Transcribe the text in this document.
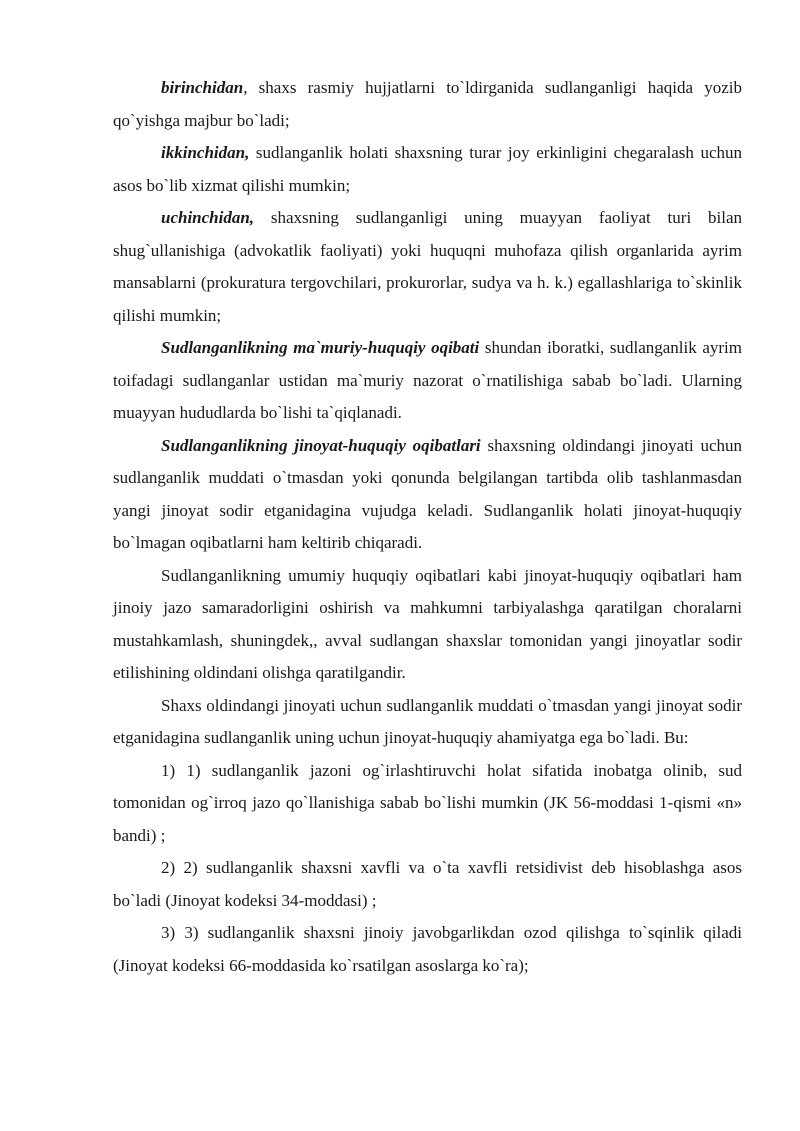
birinchidan, shaxs rasmiy hujjatlarni to`ldirganida sudlanganligi haqida yozib qo`yishga majbur bo`ladi;

ikkinchidan, sudlanganlik holati shaxsning turar joy erkinligini chegaralash uchun asos bo`lib xizmat qilishi mumkin;

uchinchidan, shaxsning sudlanganligi uning muayyan faoliyat turi bilan shug`ullanishiga (advokatlik faoliyati) yoki huquqni muhofaza qilish organlarida ayrim mansablarni (prokuratura tergovchilari, prokurorlar, sudya va h. k.) egallashlariga to`skinlik qilishi mumkin;

Sudlanganlikning ma`muriy-huquqiy oqibati shundan iboratki, sudlanganlik ayrim toifadagi sudlanganlar ustidan ma`muriy nazorat o`rnatilishiga sabab bo`ladi. Ularning muayyan hududlarda bo`lishi ta`qiqlanadi.

Sudlanganlikning jinoyat-huquqiy oqibatlari shaxsning oldindangi jinoyati uchun sudlanganlik muddati o`tmasdan yoki qonunda belgilangan tartibda olib tashlanmasdan yangi jinoyat sodir etganidagina vujudga keladi. Sudlanganlik holati jinoyat-huquqiy bo`lmagan oqibatlarni ham keltirib chiqaradi.

Sudlanganlikning umumiy huquqiy oqibatlari kabi jinoyat-huquqiy oqibatlari ham jinoiy jazo samaradorligini oshirish va mahkumni tarbiyalashga qaratilgan choralarni mustahkamlash, shuningdek,, avval sudlangan shaxslar tomonidan yangi jinoyatlar sodir etilishining oldindani olishga qaratilgandir.

Shaxs oldindangi jinoyati uchun sudlanganlik muddati o`tmasdan yangi jinoyat sodir etganidagina sudlanganlik uning uchun jinoyat-huquqiy ahamiyatga ega bo`ladi. Bu:

1) 1) sudlanganlik jazoni og`irlashtiruvchi holat sifatida inobatga olinib, sud tomonidan og`irroq jazo qo`llanishiga sabab bo`lishi mumkin (JK 56-moddasi 1-qismi «n» bandi) ;

2) 2) sudlanganlik shaxsni xavfli va o`ta xavfli retsidivist deb hisoblashga asos bo`ladi (Jinoyat kodeksi 34-moddasi) ;

3) 3) sudlanganlik shaxsni jinoiy javobgarlikdan ozod qilishga to`sqinlik qiladi (Jinoyat kodeksi 66-moddasida ko`rsatilgan asoslarga ko`ra);
